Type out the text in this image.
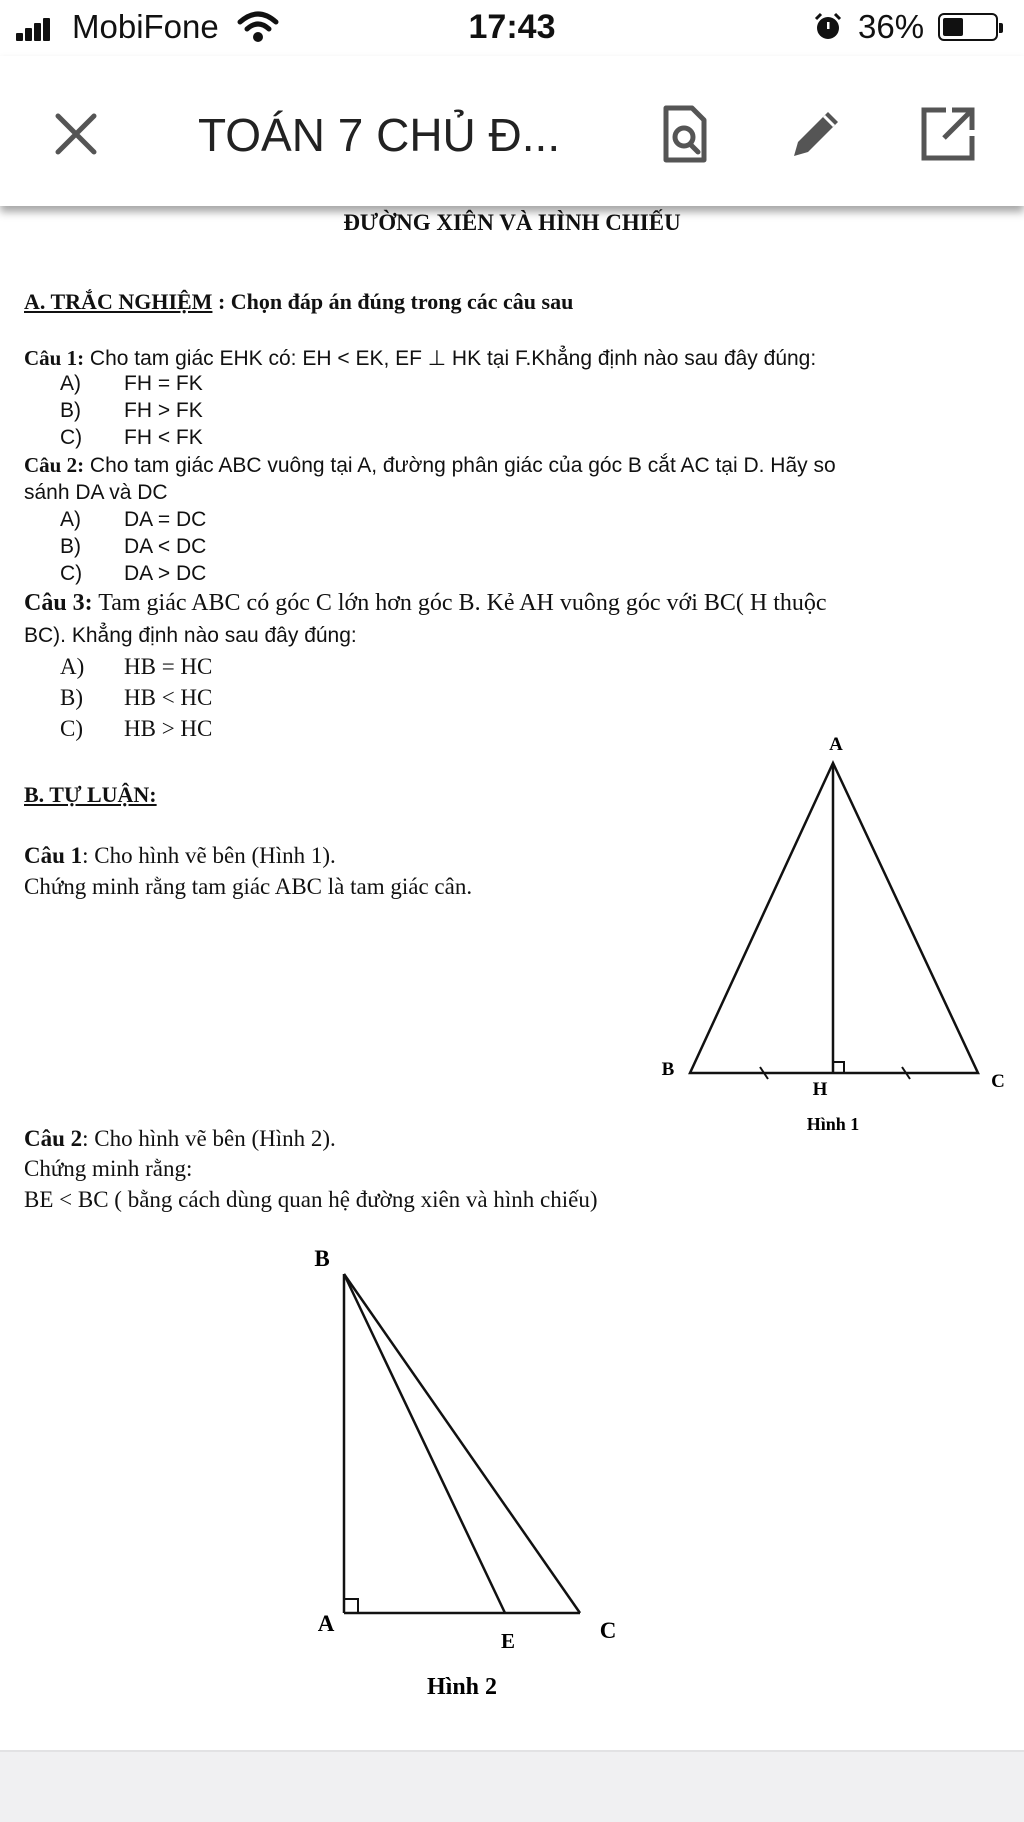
MobiFone	17:43	36%
TOÁN 7 CHỦ Đ...
ĐƯỜNG XIÊN VÀ HÌNH CHIẾU
A. TRẮC NGHIỆM : Chọn đáp án đúng trong các câu sau
Câu 1: Cho tam giác EHK có: EH < EK, EF ⊥ HK tại F.Khẳng định nào sau đây đúng:
A) FH = FK
B) FH > FK
C) FH < FK
Câu 2: Cho tam giác ABC vuông tại A, đường phân giác của góc B cắt AC tại D. Hãy so
sánh DA và DC
A) DA = DC
B) DA < DC
C) DA > DC
Câu 3: Tam giác ABC có góc C lớn hơn góc B. Kẻ AH vuông góc với BC( H thuộc
BC). Khẳng định nào sau đây đúng:
A) HB = HC
B) HB < HC
C) HB > HC
B. TỰ LUẬN:
Câu 1: Cho hình vẽ bên (Hình 1).
Chứng minh rằng tam giác ABC là tam giác cân.
Câu 2: Cho hình vẽ bên (Hình 2).
Chứng minh rằng:
BE < BC ( bằng cách dùng quan hệ đường xiên và hình chiếu)
A
B
C
H
Hình 1
B
A
E	C
Hình 2
